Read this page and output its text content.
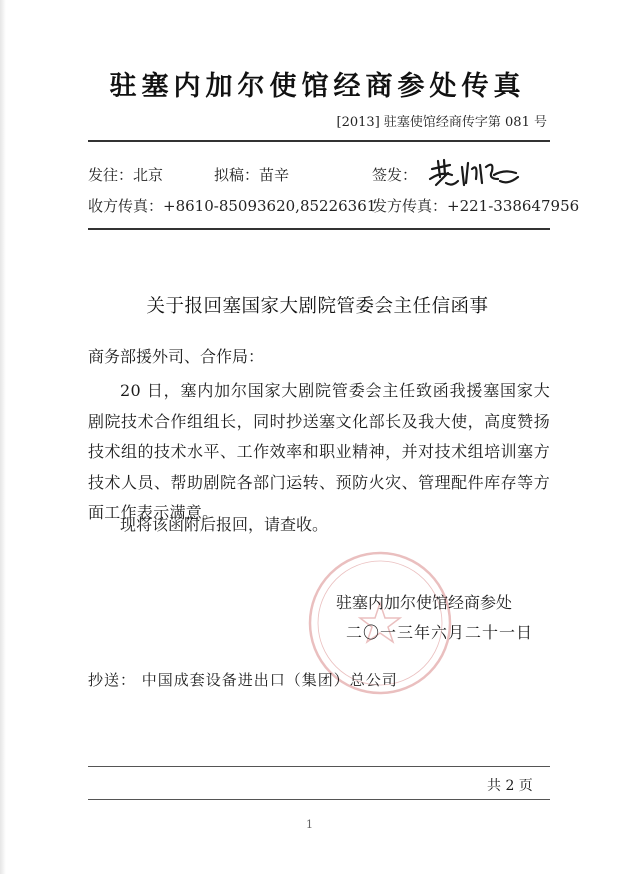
驻塞内加尔使馆经商参处传真
[2013] 驻塞使馆经商传字第 081 号
发往：北京	拟稿：苗辛	签发：
收方传真：+8610-85093620,85226361
发方传真：+221-338647956
关于报回塞国家大剧院管委会主任信函事
商务部援外司、合作局：
20 日，塞内加尔国家大剧院管委会主任致函我援塞国家大剧院技术合作组组长，同时抄送塞文化部长及我大使，高度赞扬技术组的技术水平、工作效率和职业精神，并对技术组培训塞方技术人员、帮助剧院各部门运转、预防火灾、管理配件库存等方面工作表示满意。
现将该函附后报回，请查收。
驻塞内加尔使馆经商参处
二〇一三年六月二十一日
抄送： 中国成套设备进出口（集团）总公司
共 2 页
1
